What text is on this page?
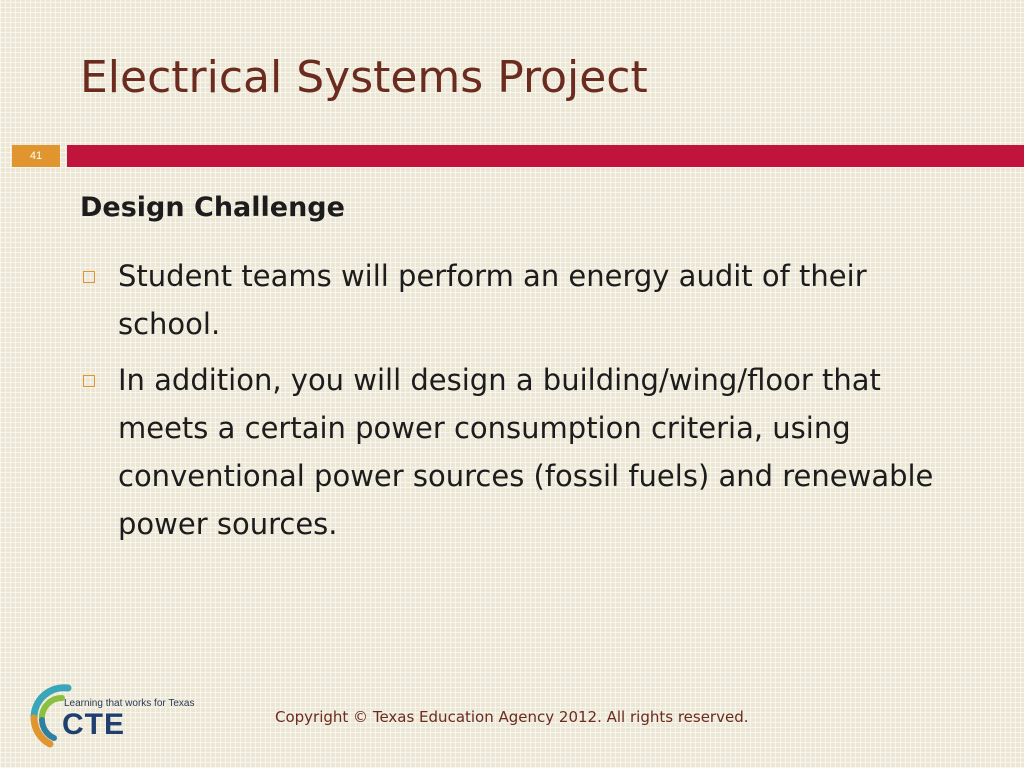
Electrical Systems Project
41
Design Challenge
Student teams will perform an energy audit of their school.
In addition, you will design a building/wing/floor that meets a certain power consumption criteria, using conventional power sources (fossil fuels) and renewable power sources.
Learning that works for Texas
CTE	Copyright © Texas Education Agency 2012. All rights reserved.
